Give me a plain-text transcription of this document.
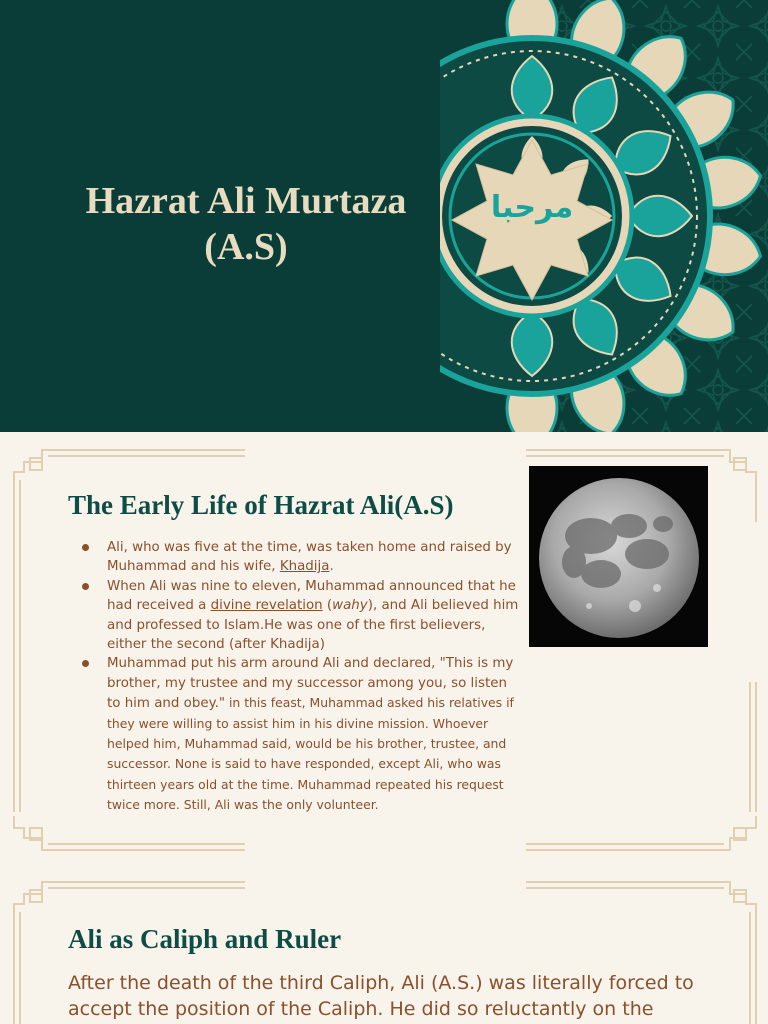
Hazrat Ali Murtaza
(A.S)
مرحبا
The Early Life of Hazrat Ali(A.S)
Ali, who was five at the time, was taken home and raised by Muhammad and his wife, Khadija.
When Ali was nine to eleven, Muhammad announced that he had received a divine revelation (wahy), and Ali believed him and professed to Islam.He was one of the first believers, either the second (after Khadija)
Muhammad put his arm around Ali and declared, "This is my brother, my trustee and my successor among you, so listen to him and obey." in this feast, Muhammad asked his relatives if they were willing to assist him in his divine mission. Whoever helped him, Muhammad said, would be his brother, trustee, and successor. None is said to have responded, except Ali, who was thirteen years old at the time. Muhammad repeated his request twice more. Still, Ali was the only volunteer.
Ali as Caliph and Ruler

After the death of the third Caliph, Ali (A.S.) was literally forced to accept the position of the Caliph. He did so reluctantly on the
